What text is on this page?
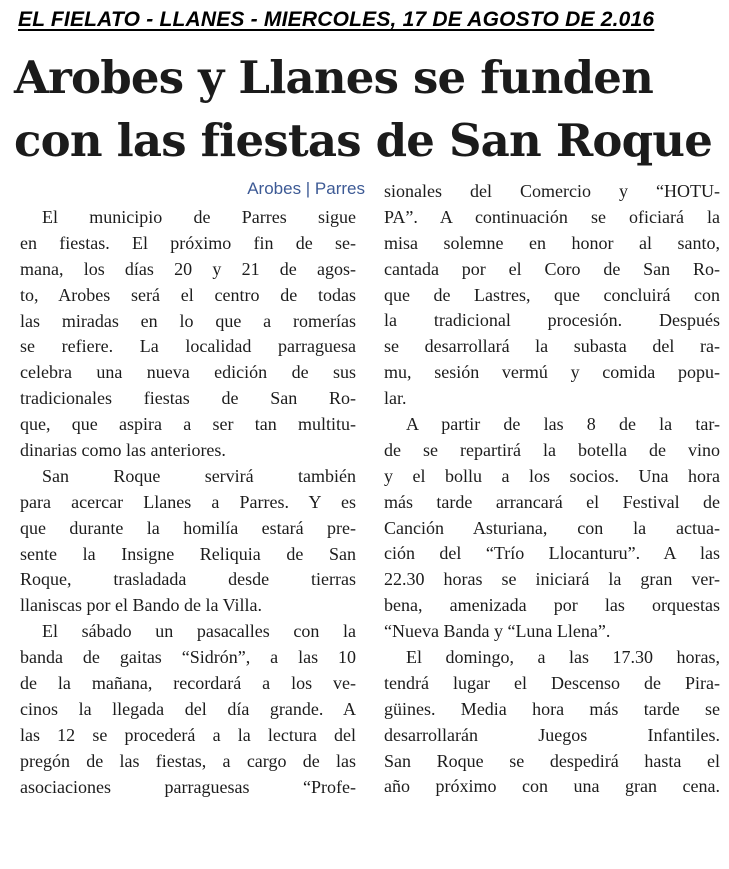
EL FIELATO - LLANES - MIERCOLES, 17 DE AGOSTO DE 2.016
Arobes y Llanes se funden
con las fiestas de San Roque
Arobes | Parres
El municipio de Parres sigue
en fiestas. El próximo fin de se-
mana, los días 20 y 21 de agos-
to, Arobes será el centro de todas
las miradas en lo que a romerías
se refiere. La localidad parraguesa
celebra una nueva edición de sus
tradicionales fiestas de San Ro-
que, que aspira a ser tan multitu-
dinarias como las anteriores.
San Roque servirá también
para acercar Llanes a Parres. Y es
que durante la homilía estará pre-
sente la Insigne Reliquia de San
Roque, trasladada desde tierras
llaniscas por el Bando de la Villa.
El sábado un pasacalles con la
banda de gaitas “Sidrón”, a las 10
de la mañana, recordará a los ve-
cinos la llegada del día grande. A
las 12 se procederá a la lectura del
pregón de las fiestas, a cargo de las
asociaciones parraguesas “Profe-
sionales del Comercio y “HOTU-
PA”. A continuación se oficiará la
misa solemne en honor al santo,
cantada por el Coro de San Ro-
que de Lastres, que concluirá con
la tradicional procesión. Después
se desarrollará la subasta del ra-
mu, sesión vermú y comida popu-
lar.
A partir de las 8 de la tar-
de se repartirá la botella de vino
y el bollu a los socios. Una hora
más tarde arrancará el Festival de
Canción Asturiana, con la actua-
ción del “Trío Llocanturu”. A las
22.30 horas se iniciará la gran ver-
bena, amenizada por las orquestas
“Nueva Banda y “Luna Llena”.
El domingo, a las 17.30 horas,
tendrá lugar el Descenso de Pira-
güines. Media hora más tarde se
desarrollarán Juegos Infantiles.
San Roque se despedirá hasta el
año próximo con una gran cena.
